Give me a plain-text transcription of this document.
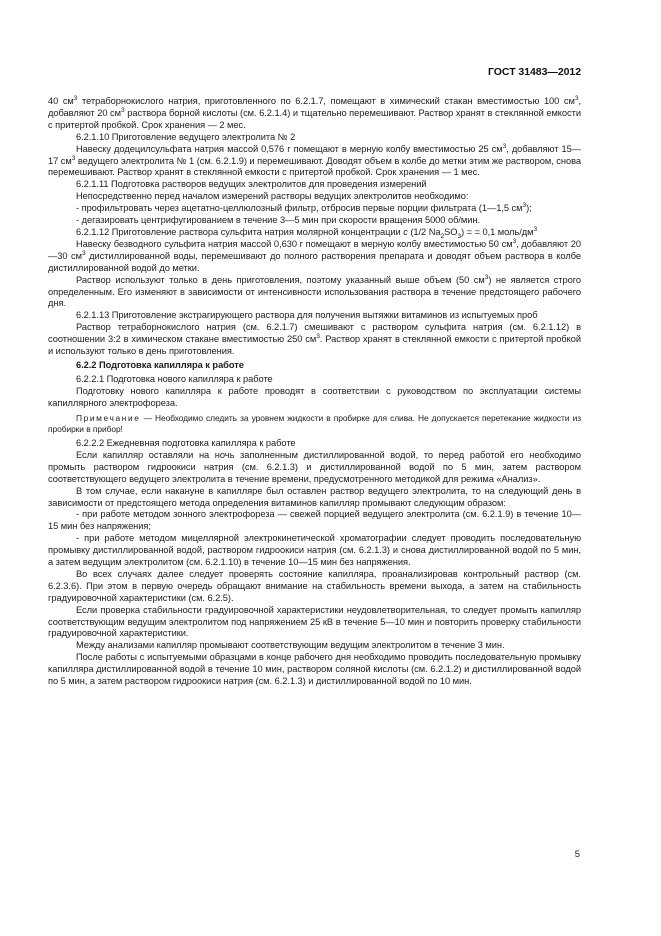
ГОСТ 31483—2012
40 $см^3$ тетраборнокислого натрия, приготовленного по 6.2.1.7, помещают в химический стакан вместимостью 100 $см^3$, добавляют 20 $см^3$ раствора борной кислоты (см. 6.2.1.4) и тщательно перемешивают. Раствор хранят в стеклянной емкости с притертой пробкой. Срок хранения — 2 мес.
6.2.1.10 Приготовление ведущего электролита № 2
Навеску додецилсульфата натрия массой 0,576 г помещают в мерную колбу вместимостью 25 $см^3$, добавляют 15—17 $см^3$ ведущего электролита № 1 (см. 6.2.1.9) и перемешивают. Доводят объем в колбе до метки этим же раствором, снова перемешивают. Раствор хранят в стеклянной емкости с притертой пробкой. Срок хранения — 1 мес.
6.2.1.11 Подготовка растворов ведущих электролитов для проведения измерений
Непосредственно перед началом измерений растворы ведущих электролитов необходимо:
- профильтровать через ацетатно-целлюлозный фильтр, отбросив первые порции фильтрата (1—1,5 $см^3$);
- дегазировать центрифугированием в течение 3—5 мин при скорости вращения 5000 об/мин.
6.2.1.12 Приготовление раствора сульфита натрия молярной концентрации c (1/2 $Na_2SO_3$) = = 0,1 моль/$дм^3$
Навеску безводного сульфита натрия массой 0,630 г помещают в мерную колбу вместимостью 50 $см^3$, добавляют 20—30 $см^3$ дистиллированной воды, перемешивают до полного растворения препарата и доводят объем раствора в колбе дистиллированной водой до метки.
Раствор используют только в день приготовления, поэтому указанный выше объем (50 $см^3$) не является строго определенным. Его изменяют в зависимости от интенсивности использования раствора в течение предстоящего рабочего дня.
6.2.1.13 Приготовление экстрагирующего раствора для получения вытяжки витаминов из испытуемых проб
Раствор тетраборнокислого натрия (см. 6.2.1.7) смешивают с раствором сульфита натрия (см. 6.2.1.12) в соотношении 3:2 в химическом стакане вместимостью 250 $см^3$. Раствор хранят в стеклянной емкости с притертой пробкой и используют только в день приготовления.
6.2.2 Подготовка капилляра к работе
6.2.2.1 Подготовка нового капилляра к работе
Подготовку нового капилляра к работе проводят в соответствии с руководством по эксплуатации системы капиллярного электрофореза.
Примечание — Необходимо следить за уровнем жидкости в пробирке для слива. Не допускается перетекание жидкости из пробирки в прибор!
6.2.2.2 Ежедневная подготовка капилляра к работе
Если капилляр оставляли на ночь заполненным дистиллированной водой, то перед работой его необходимо промыть раствором гидроокиси натрия (см. 6.2.1.3) и дистиллированной водой по 5 мин, затем раствором соответствующего ведущего электролита в течение времени, предусмотренного методикой для режима «Анализ».
В том случае, если накануне в капилляре был оставлен раствор ведущего электролита, то на следующий день в зависимости от предстоящего метода определения витаминов капилляр промывают следующим образом:
- при работе методом зонного электрофореза — свежей порцией ведущего электролита (см. 6.2.1.9) в течение 10—15 мин без напряжения;
- при работе методом мицеллярной электрокинетической хроматографии следует проводить последовательную промывку дистиллированной водой, раствором гидроокиси натрия (см. 6.2.1.3) и снова дистиллированной водой по 5 мин, а затем ведущим электролитом (см. 6.2.1.10) в течение 10—15 мин без напряжения.
Во всех случаях далее следует проверять состояние капилляра, проанализировав контрольный раствор (см. 6.2.3.6). При этом в первую очередь обращают внимание на стабильность времени выхода, а затем на стабильность градуировочной характеристики (см. 6.2.5).
Если проверка стабильности градуировочной характеристики неудовлетворительная, то следует промыть капилляр соответствующим ведущим электролитом под напряжением 25 кВ в течение 5—10 мин и повторить проверку стабильности градуировочной характеристики.
Между анализами капилляр промывают соответствующим ведущим электролитом в течение 3 мин.
После работы с испытуемыми образцами в конце рабочего дня необходимо проводить последовательную промывку капилляра дистиллированной водой в течение 10 мин, раствором соляной кислоты (см. 6.2.1.2) и дистиллированной водой по 5 мин, а затем раствором гидроокиси натрия (см. 6.2.1.3) и дистиллированной водой по 10 мин.
5
